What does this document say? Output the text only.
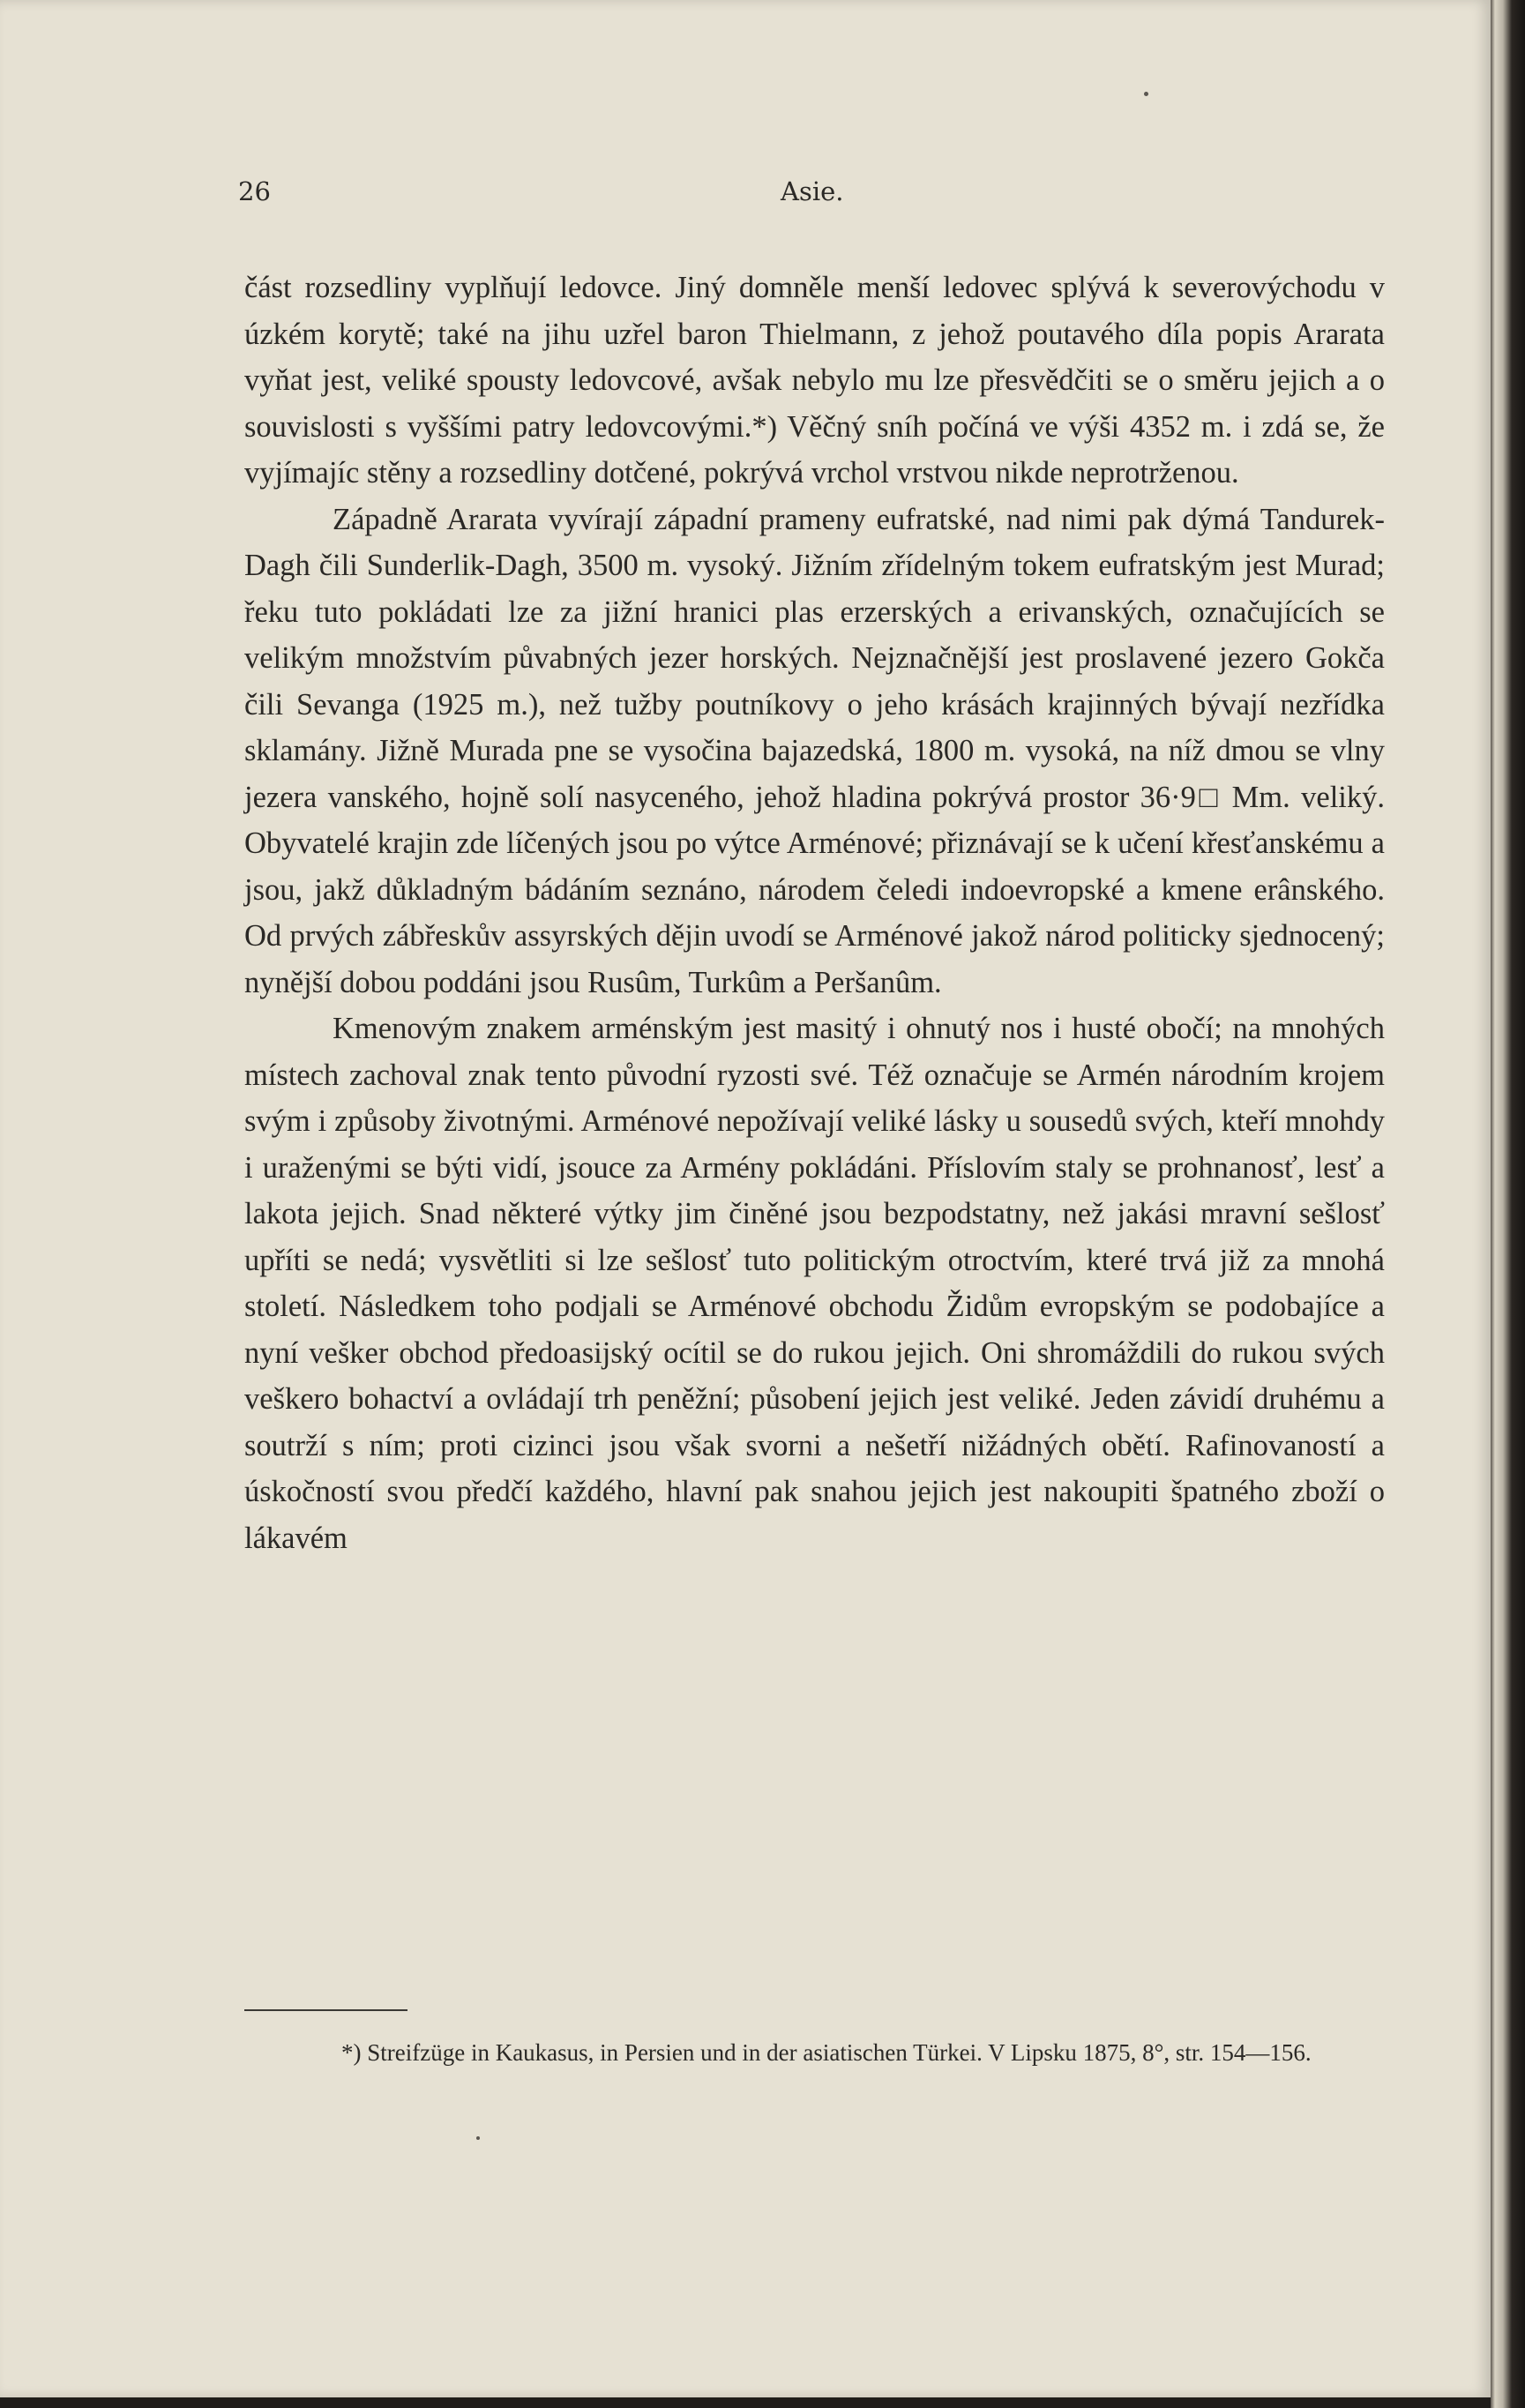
26	Asie.

část rozsedliny vyplňují ledovce. Jiný domněle menší ledovec splývá k severovýchodu v úzkém korytě; také na jihu uzřel baron Thielmann, z jehož poutavého díla popis Ararata vyňat jest, veliké spousty ledovcové, avšak nebylo mu lze přesvědčiti se o směru jejich a o souvislosti s vyššími patry ledovcovými.*) Věčný sníh počíná ve výši 4352 m. i zdá se, že vyjímajíc stěny a rozsedliny dotčené, pokrývá vrchol vrstvou nikde neprotrženou.

Západně Ararata vyvírají západní prameny eufratské, nad nimi pak dýmá Tandurek-Dagh čili Sunderlik-Dagh, 3500 m. vysoký. Jižním zřídelným tokem eufratským jest Murad; řeku tuto pokládati lze za jižní hranici plas erzerských a erivanských, označujících se velikým množstvím půvabných jezer horských. Nejznačnější jest proslavené jezero Gokča čili Sevanga (1925 m.), než tužby poutníkovy o jeho krásách krajinných bývají nezřídka sklamány. Jižně Murada pne se vysočina bajazedská, 1800 m. vysoká, na níž dmou se vlny jezera vanského, hojně solí nasyceného, jehož hladina pokrývá prostor 36·9□ Mm. veliký. Obyvatelé krajin zde líčených jsou po výtce Arménové; přiznávají se k učení křesťanskému a jsou, jakž důkladným bádáním seznáno, národem čeledi indoevropské a kmene erânského. Od prvých zábřeskův assyrských dějin uvodí se Arménové jakož národ politicky sjednocený; nynější dobou poddáni jsou Rusûm, Turkûm a Peršanûm.

Kmenovým znakem arménským jest masitý i ohnutý nos i husté obočí; na mnohých místech zachoval znak tento původní ryzosti své. Též označuje se Armén národním krojem svým i způsoby životnými. Arménové nepožívají veliké lásky u sousedů svých, kteří mnohdy i uraženými se býti vidí, jsouce za Armény pokládáni. Příslovím staly se prohnanosť, lesť a lakota jejich. Snad některé výtky jim činěné jsou bezpodstatny, než jakási mravní sešlosť upříti se nedá; vysvětliti si lze sešlosť tuto politickým otroctvím, které trvá již za mnohá století. Následkem toho podjali se Arménové obchodu Židům evropským se podobajíce a nyní vešker obchod předoasijský ocítil se do rukou jejich. Oni shromáždili do rukou svých veškero bohactví a ovládají trh peněžní; působení jejich jest veliké. Jeden závidí druhému a soutrží s ním; proti cizinci jsou však svorni a nešetří nižádných obětí. Rafinovaností a úskočností svou předčí každého, hlavní pak snahou jejich jest nakoupiti špatného zboží o lákavém

*) Streifzüge in Kaukasus, in Persien und in der asiatischen Türkei. V Lipsku 1875, 8°, str. 154—156.
